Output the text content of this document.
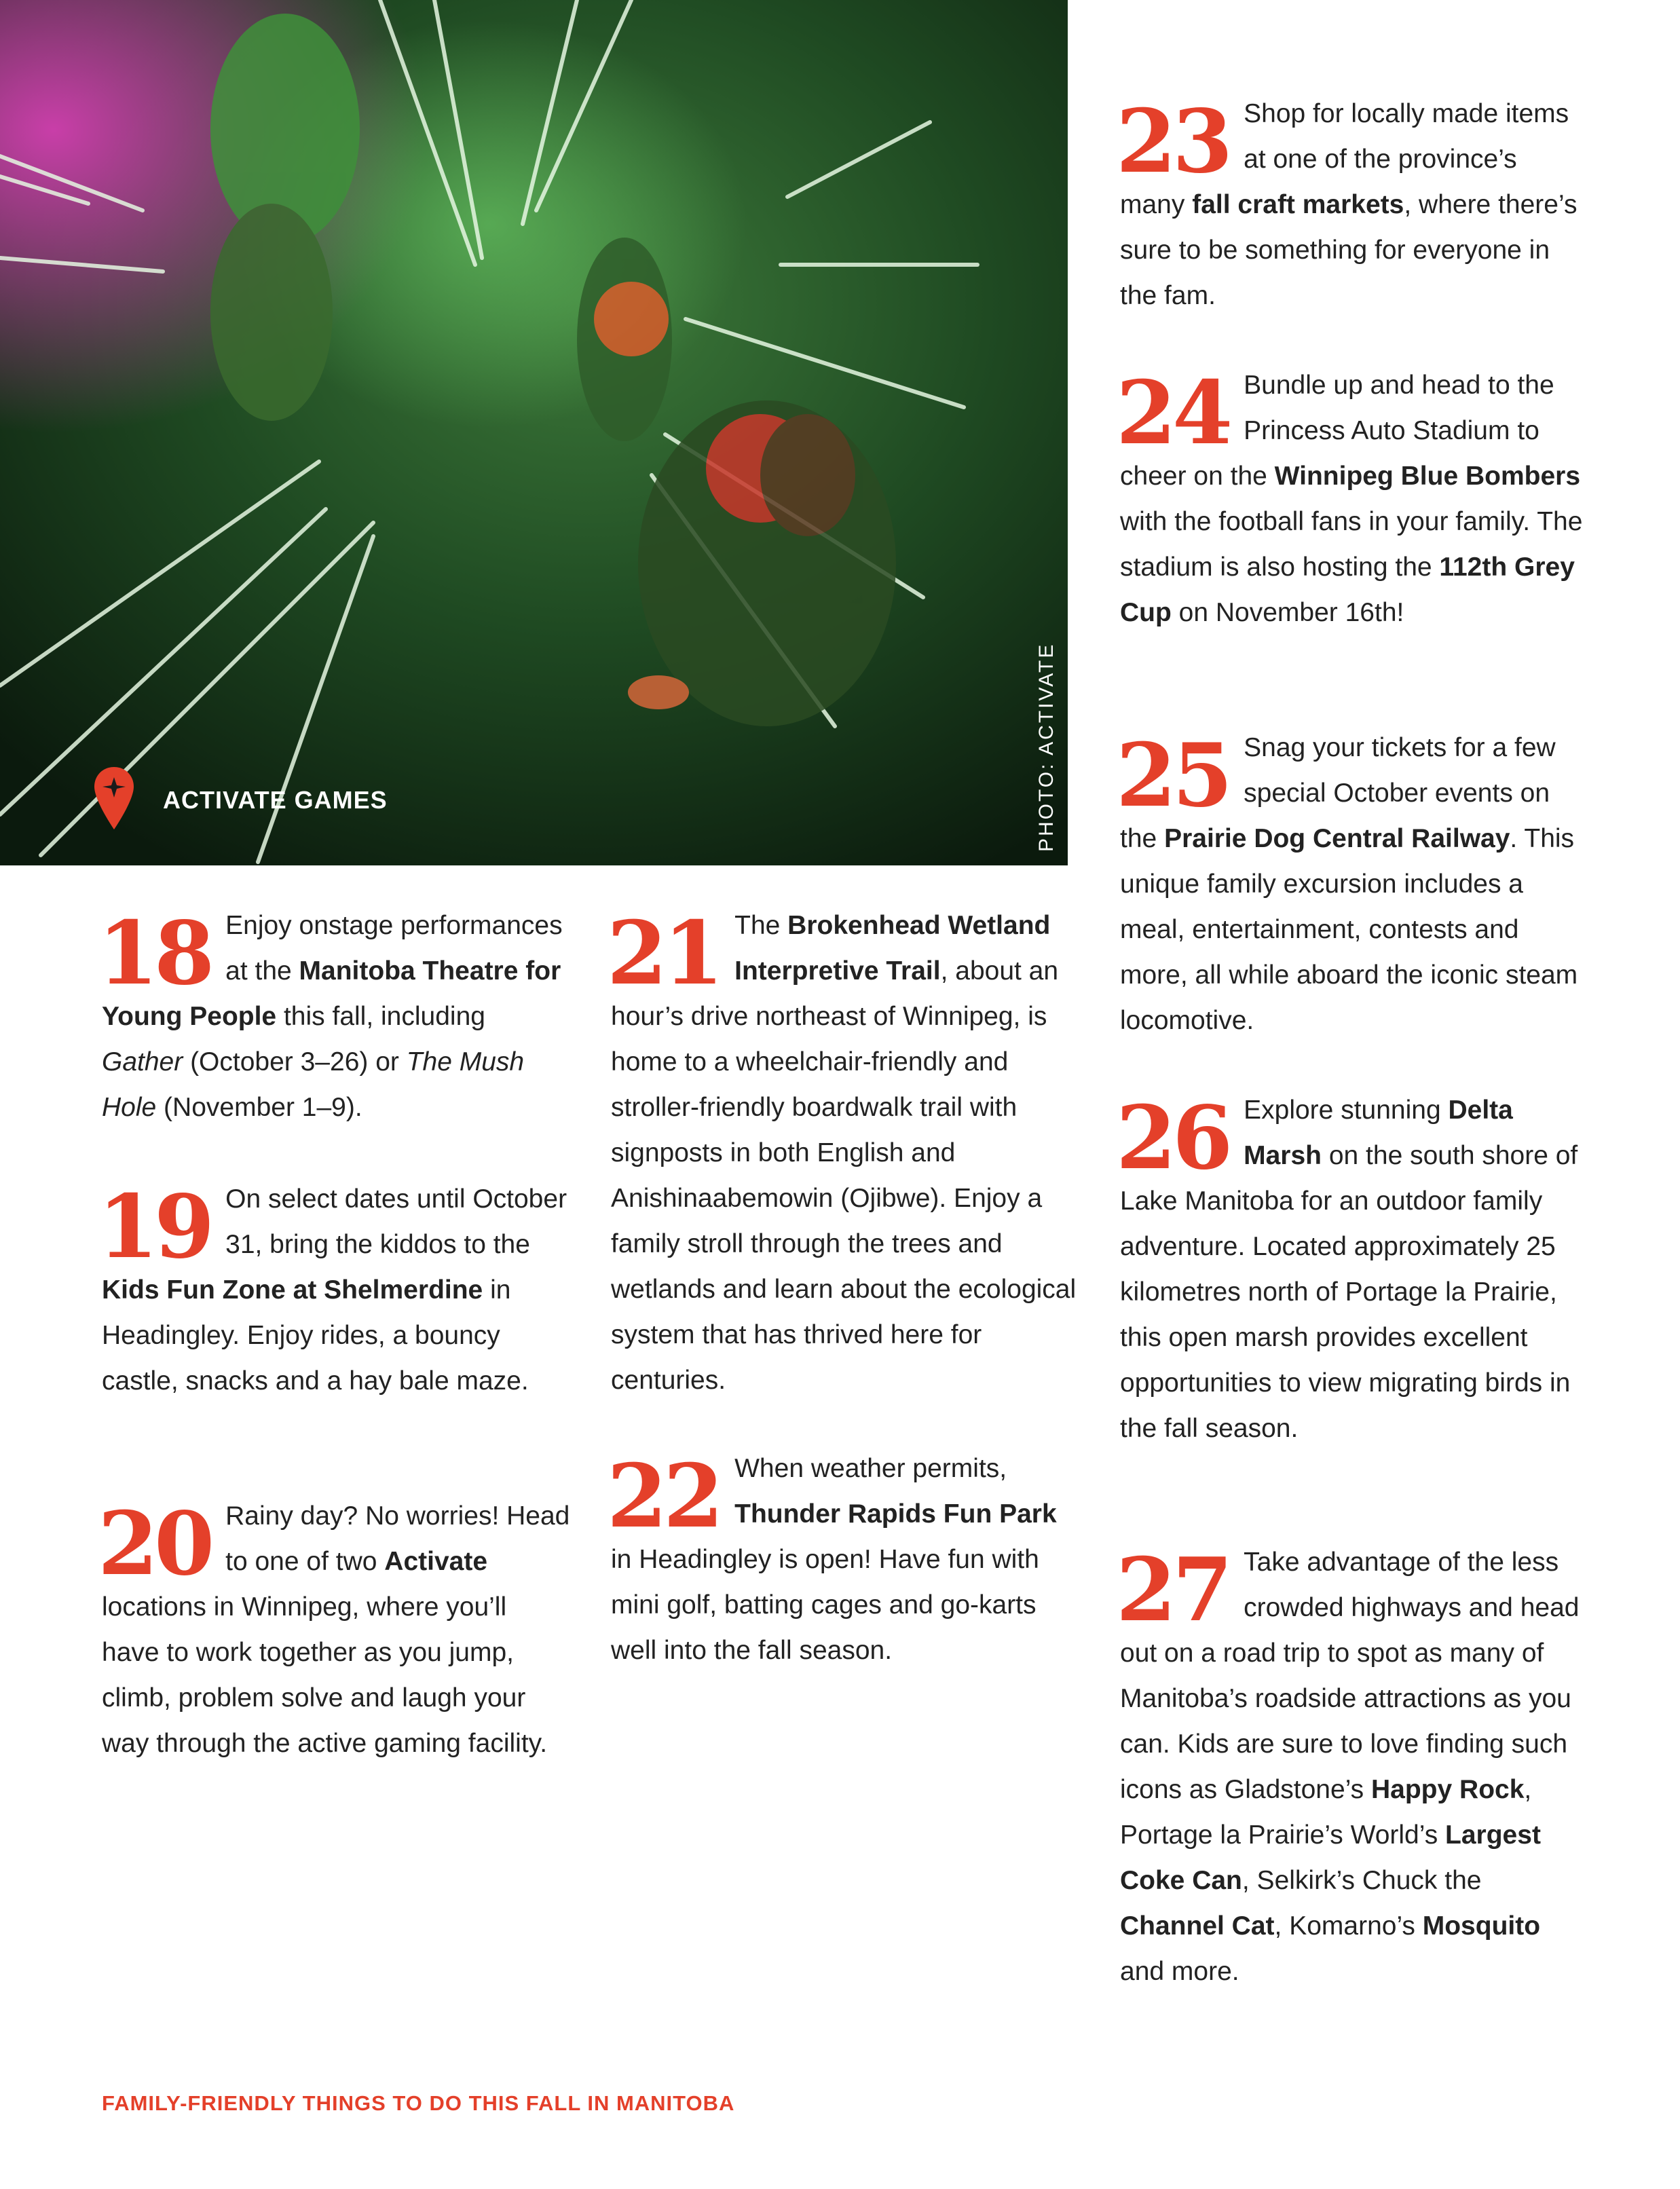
ACTIVATE GAMES	PHOTO: ACTIVATE
18 Enjoy onstage performances at the Manitoba Theatre for Young People this fall, including Gather (October 3–26) or The Mush Hole (November 1–9).
19 On select dates until October 31, bring the kiddos to the Kids Fun Zone at Shelmerdine in Headingley. Enjoy rides, a bouncy castle, snacks and a hay bale maze.
20 Rainy day? No worries! Head to one of two Activate locations in Winnipeg, where you’ll have to work together as you jump, climb, problem solve and laugh your way through the active gaming facility.
21 The Brokenhead Wetland Interpretive Trail, about an hour’s drive northeast of Winnipeg, is home to a wheelchair-friendly and stroller-friendly boardwalk trail with signposts in both English and Anishinaabemowin (Ojibwe). Enjoy a family stroll through the trees and wetlands and learn about the ecological system that has thrived here for centuries.
22 When weather permits, Thunder Rapids Fun Park in Headingley is open! Have fun with mini golf, batting cages and go-karts well into the fall season.
23 Shop for locally made items at one of the province’s many fall craft markets, where there’s sure to be something for everyone in the fam.
24 Bundle up and head to the Princess Auto Stadium to cheer on the Winnipeg Blue Bombers with the football fans in your family. The stadium is also hosting the 112th Grey Cup on November 16th!
25 Snag your tickets for a few special October events on the Prairie Dog Central Railway. This unique family excursion includes a meal, entertainment, contests and more, all while aboard the iconic steam locomotive.
26 Explore stunning Delta Marsh on the south shore of Lake Manitoba for an outdoor family adventure. Located approximately 25 kilometres north of Portage la Prairie, this open marsh provides excellent opportunities to view migrating birds in the fall season.
27 Take advantage of the less crowded highways and head out on a road trip to spot as many of Manitoba’s roadside attractions as you can. Kids are sure to love finding such icons as Gladstone’s Happy Rock, Portage la Prairie’s World’s Largest Coke Can, Selkirk’s Chuck the Channel Cat, Komarno’s Mosquito and more.
FAMILY-FRIENDLY THINGS TO DO THIS FALL IN MANITOBA
